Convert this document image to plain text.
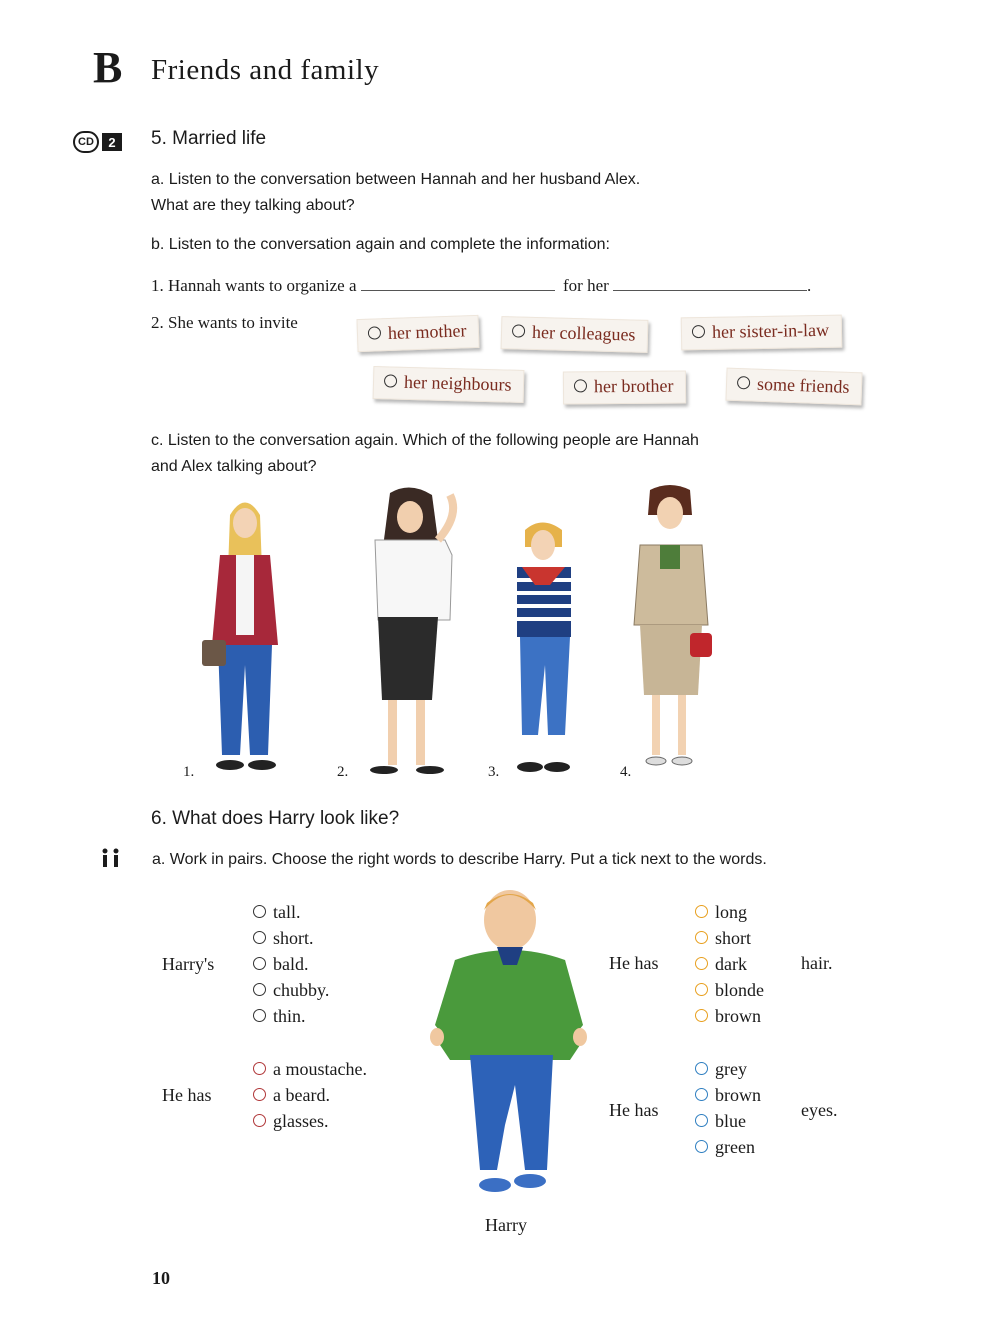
B Friends and family
CD	2	5. Married life
a. Listen to the conversation between Hannah and her husband Alex.
What are they talking about?
b. Listen to the conversation again and complete the information:
1. Hannah wants to organize a	for her	.
2. She wants to invite	her mother	her colleagues	her sister-in-law
her neighbours	her brother	some friends
c. Listen to the conversation again. Which of the following people are Hannah
and Alex talking about?
1.	2.	3.	4.
6. What does Harry look like?
a. Work in pairs. Choose the right words to describe Harry. Put a tick next to the words.
Harry's
tall.
short.
bald.
chubby.
thin.
He has
a moustache.
a beard.
glasses.
Harry
He has
long
short
dark
blonde
brown
hair.
He has
grey
brown
blue
green
eyes.
10
